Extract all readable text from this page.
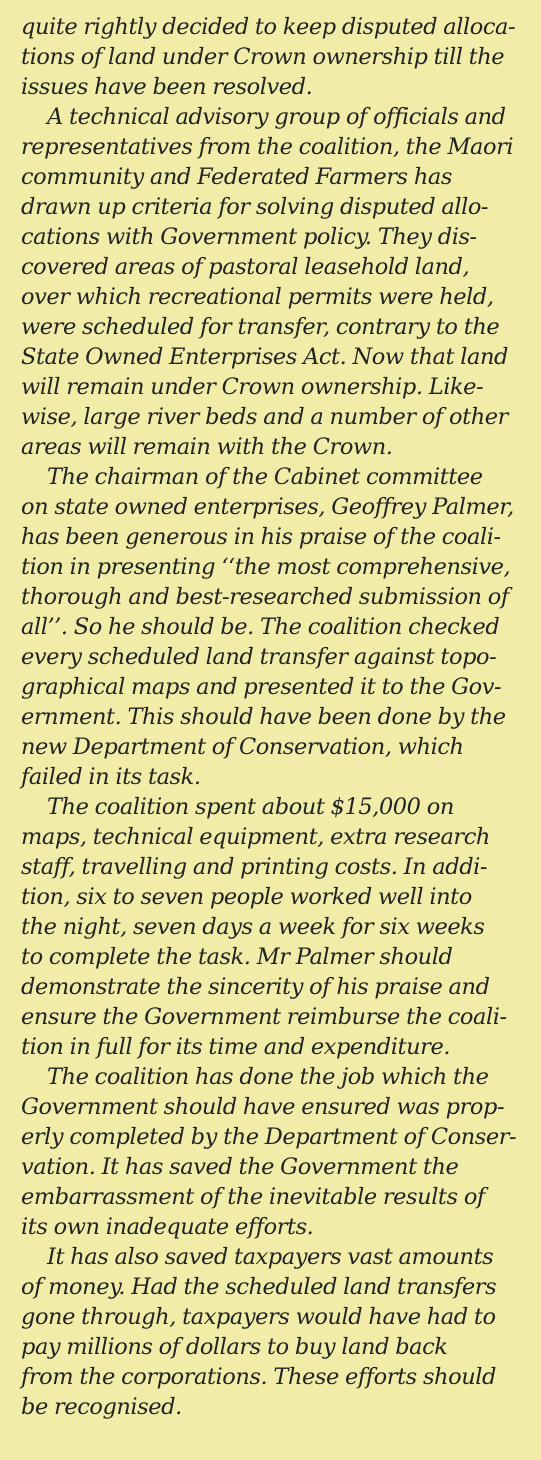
quite rightly decided to keep disputed alloca-
tions of land under Crown ownership till the
issues have been resolved.

A technical advisory group of officials and
representatives from the coalition, the Maori
community and Federated Farmers has
drawn up criteria for solving disputed allo-
cations with Government policy. They dis-
covered areas of pastoral leasehold land,
over which recreational permits were held,
were scheduled for transfer, contrary to the
State Owned Enterprises Act. Now that land
will remain under Crown ownership. Like-
wise, large river beds and a number of other
areas will remain with the Crown.

The chairman of the Cabinet committee
on state owned enterprises, Geoffrey Palmer,
has been generous in his praise of the coali-
tion in presenting ‘‘the most comprehensive,
thorough and best-researched submission of
all’’. So he should be. The coalition checked
every scheduled land transfer against topo-
graphical maps and presented it to the Gov-
ernment. This should have been done by the
new Department of Conservation, which
failed in its task.

The coalition spent about $15,000 on
maps, technical equipment, extra research
staff, travelling and printing costs. In addi-
tion, six to seven people worked well into
the night, seven days a week for six weeks
to complete the task. Mr Palmer should
demonstrate the sincerity of his praise and
ensure the Government reimburse the coali-
tion in full for its time and expenditure.

The coalition has done the job which the
Government should have ensured was prop-
erly completed by the Department of Conser-
vation. It has saved the Government the
embarrassment of the inevitable results of
its own inadequate efforts.

It has also saved taxpayers vast amounts
of money. Had the scheduled land transfers
gone through, taxpayers would have had to
pay millions of dollars to buy land back
from the corporations. These efforts should
be recognised.
